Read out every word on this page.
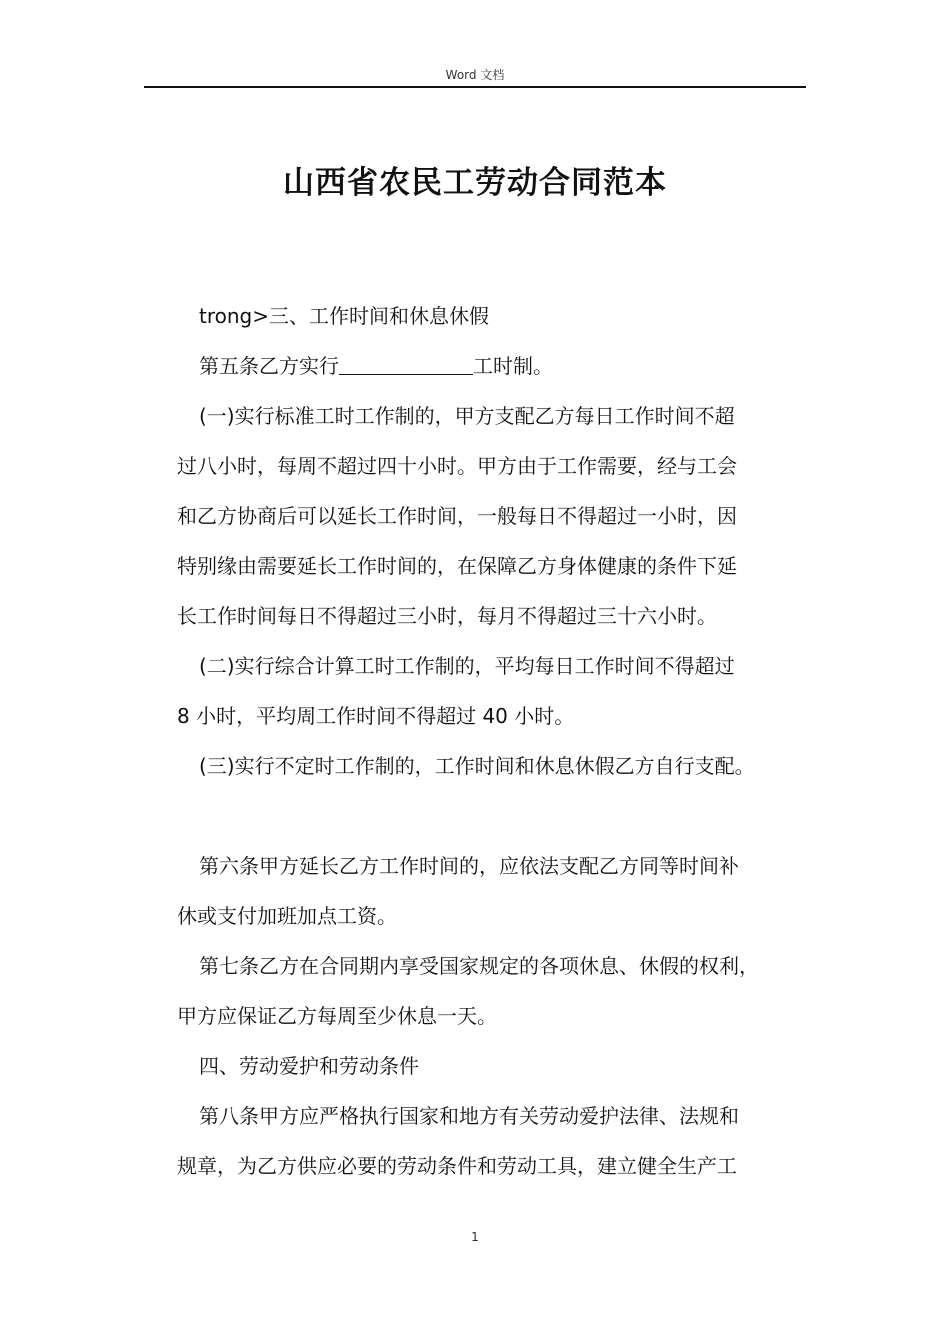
Word 文档
山西省农民工劳动合同范本

trong>三、工作时间和休息休假

第五条乙方实行	工时制。

(一)实行标准工时工作制的，甲方支配乙方每日工作时间不超

过八小时，每周不超过四十小时。甲方由于工作需要，经与工会

和乙方协商后可以延长工作时间，一般每日不得超过一小时，因

特别缘由需要延长工作时间的，在保障乙方身体健康的条件下延

长工作时间每日不得超过三小时，每月不得超过三十六小时。

(二)实行综合计算工时工作制的，平均每日工作时间不得超过

8 小时，平均周工作时间不得超过 40 小时。

(三)实行不定时工作制的，工作时间和休息休假乙方自行支配。

第六条甲方延长乙方工作时间的，应依法支配乙方同等时间补

休或支付加班加点工资。

第七条乙方在合同期内享受国家规定的各项休息、休假的权利，

甲方应保证乙方每周至少休息一天。

四、劳动爱护和劳动条件

第八条甲方应严格执行国家和地方有关劳动爱护法律、法规和

规章，为乙方供应必要的劳动条件和劳动工具，建立健全生产工

1
